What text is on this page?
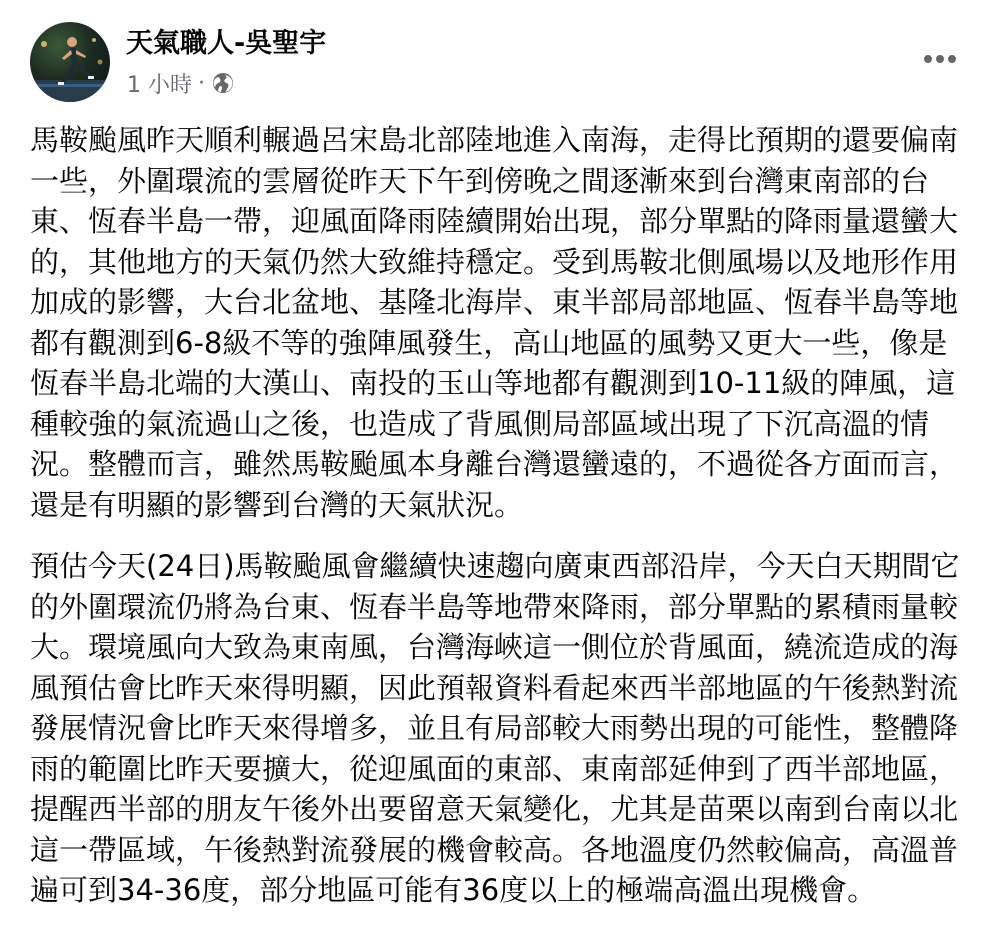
天氣職人-吳聖宇
1 小時 ·

馬鞍颱風昨天順利輾過呂宋島北部陸地進入南海，走得比預期的還要偏南一些，外圍環流的雲層從昨天下午到傍晚之間逐漸來到台灣東南部的台東、恆春半島一帶，迎風面降雨陸續開始出現，部分單點的降雨量還蠻大的，其他地方的天氣仍然大致維持穩定。受到馬鞍北側風場以及地形作用加成的影響，大台北盆地、基隆北海岸、東半部局部地區、恆春半島等地都有觀測到6-8級不等的強陣風發生，高山地區的風勢又更大一些，像是恆春半島北端的大漢山、南投的玉山等地都有觀測到10-11級的陣風，這種較強的氣流過山之後，也造成了背風側局部區域出現了下沉高溫的情況。整體而言，雖然馬鞍颱風本身離台灣還蠻遠的，不過從各方面而言，還是有明顯的影響到台灣的天氣狀況。

預估今天(24日)馬鞍颱風會繼續快速趨向廣東西部沿岸，今天白天期間它的外圍環流仍將為台東、恆春半島等地帶來降雨，部分單點的累積雨量較大。環境風向大致為東南風，台灣海峽這一側位於背風面，繞流造成的海風預估會比昨天來得明顯，因此預報資料看起來西半部地區的午後熱對流發展情況會比昨天來得增多，並且有局部較大雨勢出現的可能性，整體降雨的範圍比昨天要擴大，從迎風面的東部、東南部延伸到了西半部地區，提醒西半部的朋友午後外出要留意天氣變化，尤其是苗栗以南到台南以北這一帶區域，午後熱對流發展的機會較高。各地溫度仍然較偏高，高溫普遍可到34-36度，部分地區可能有36度以上的極端高溫出現機會。
